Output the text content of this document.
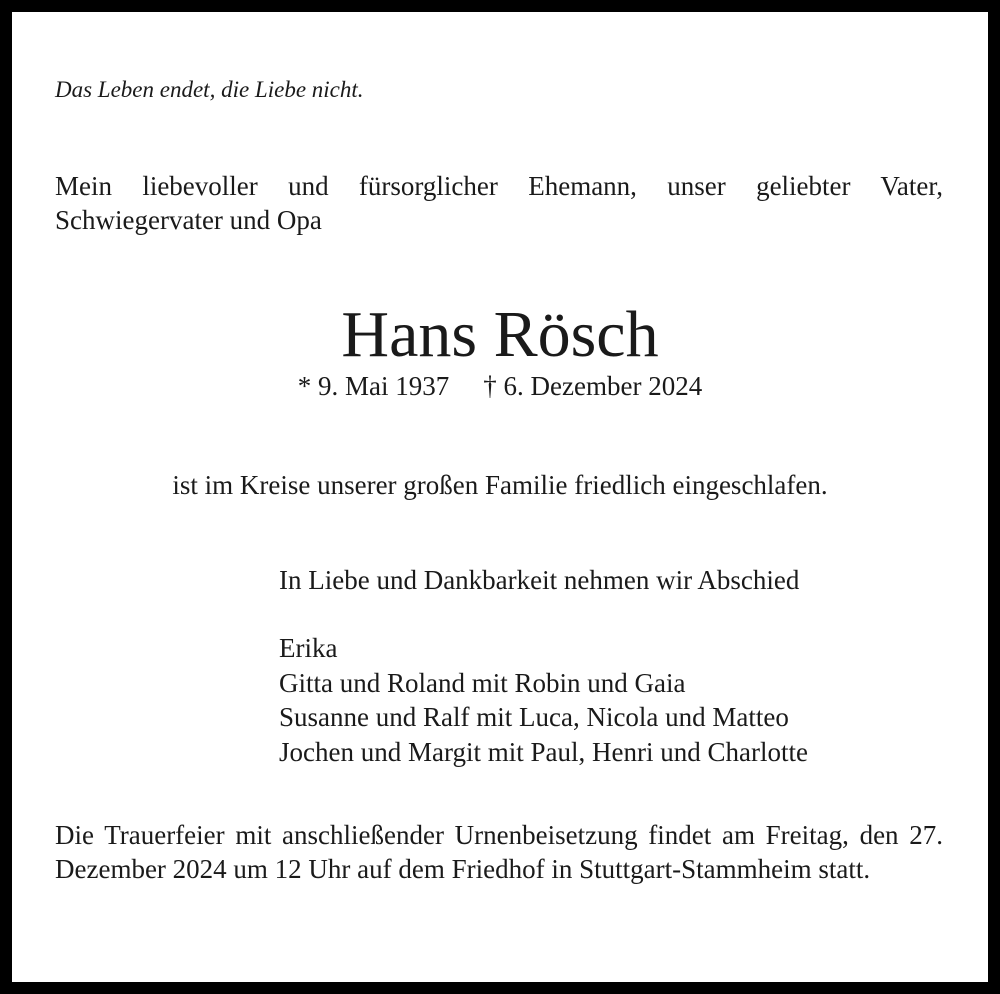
Das Leben endet, die Liebe nicht.

Mein liebevoller und fürsorglicher Ehemann, unser geliebter Vater, Schwiegervater und Opa

Hans Rösch
* 9. Mai 1937 † 6. Dezember 2024

ist im Kreise unserer großen Familie friedlich eingeschlafen.

In Liebe und Dankbarkeit nehmen wir Abschied

Erika
Gitta und Roland mit Robin und Gaia
Susanne und Ralf mit Luca, Nicola und Matteo
Jochen und Margit mit Paul, Henri und Charlotte

Die Trauerfeier mit anschließender Urnenbeisetzung findet am Freitag, den 27. Dezember 2024 um 12 Uhr auf dem Friedhof in Stuttgart-Stammheim statt.
